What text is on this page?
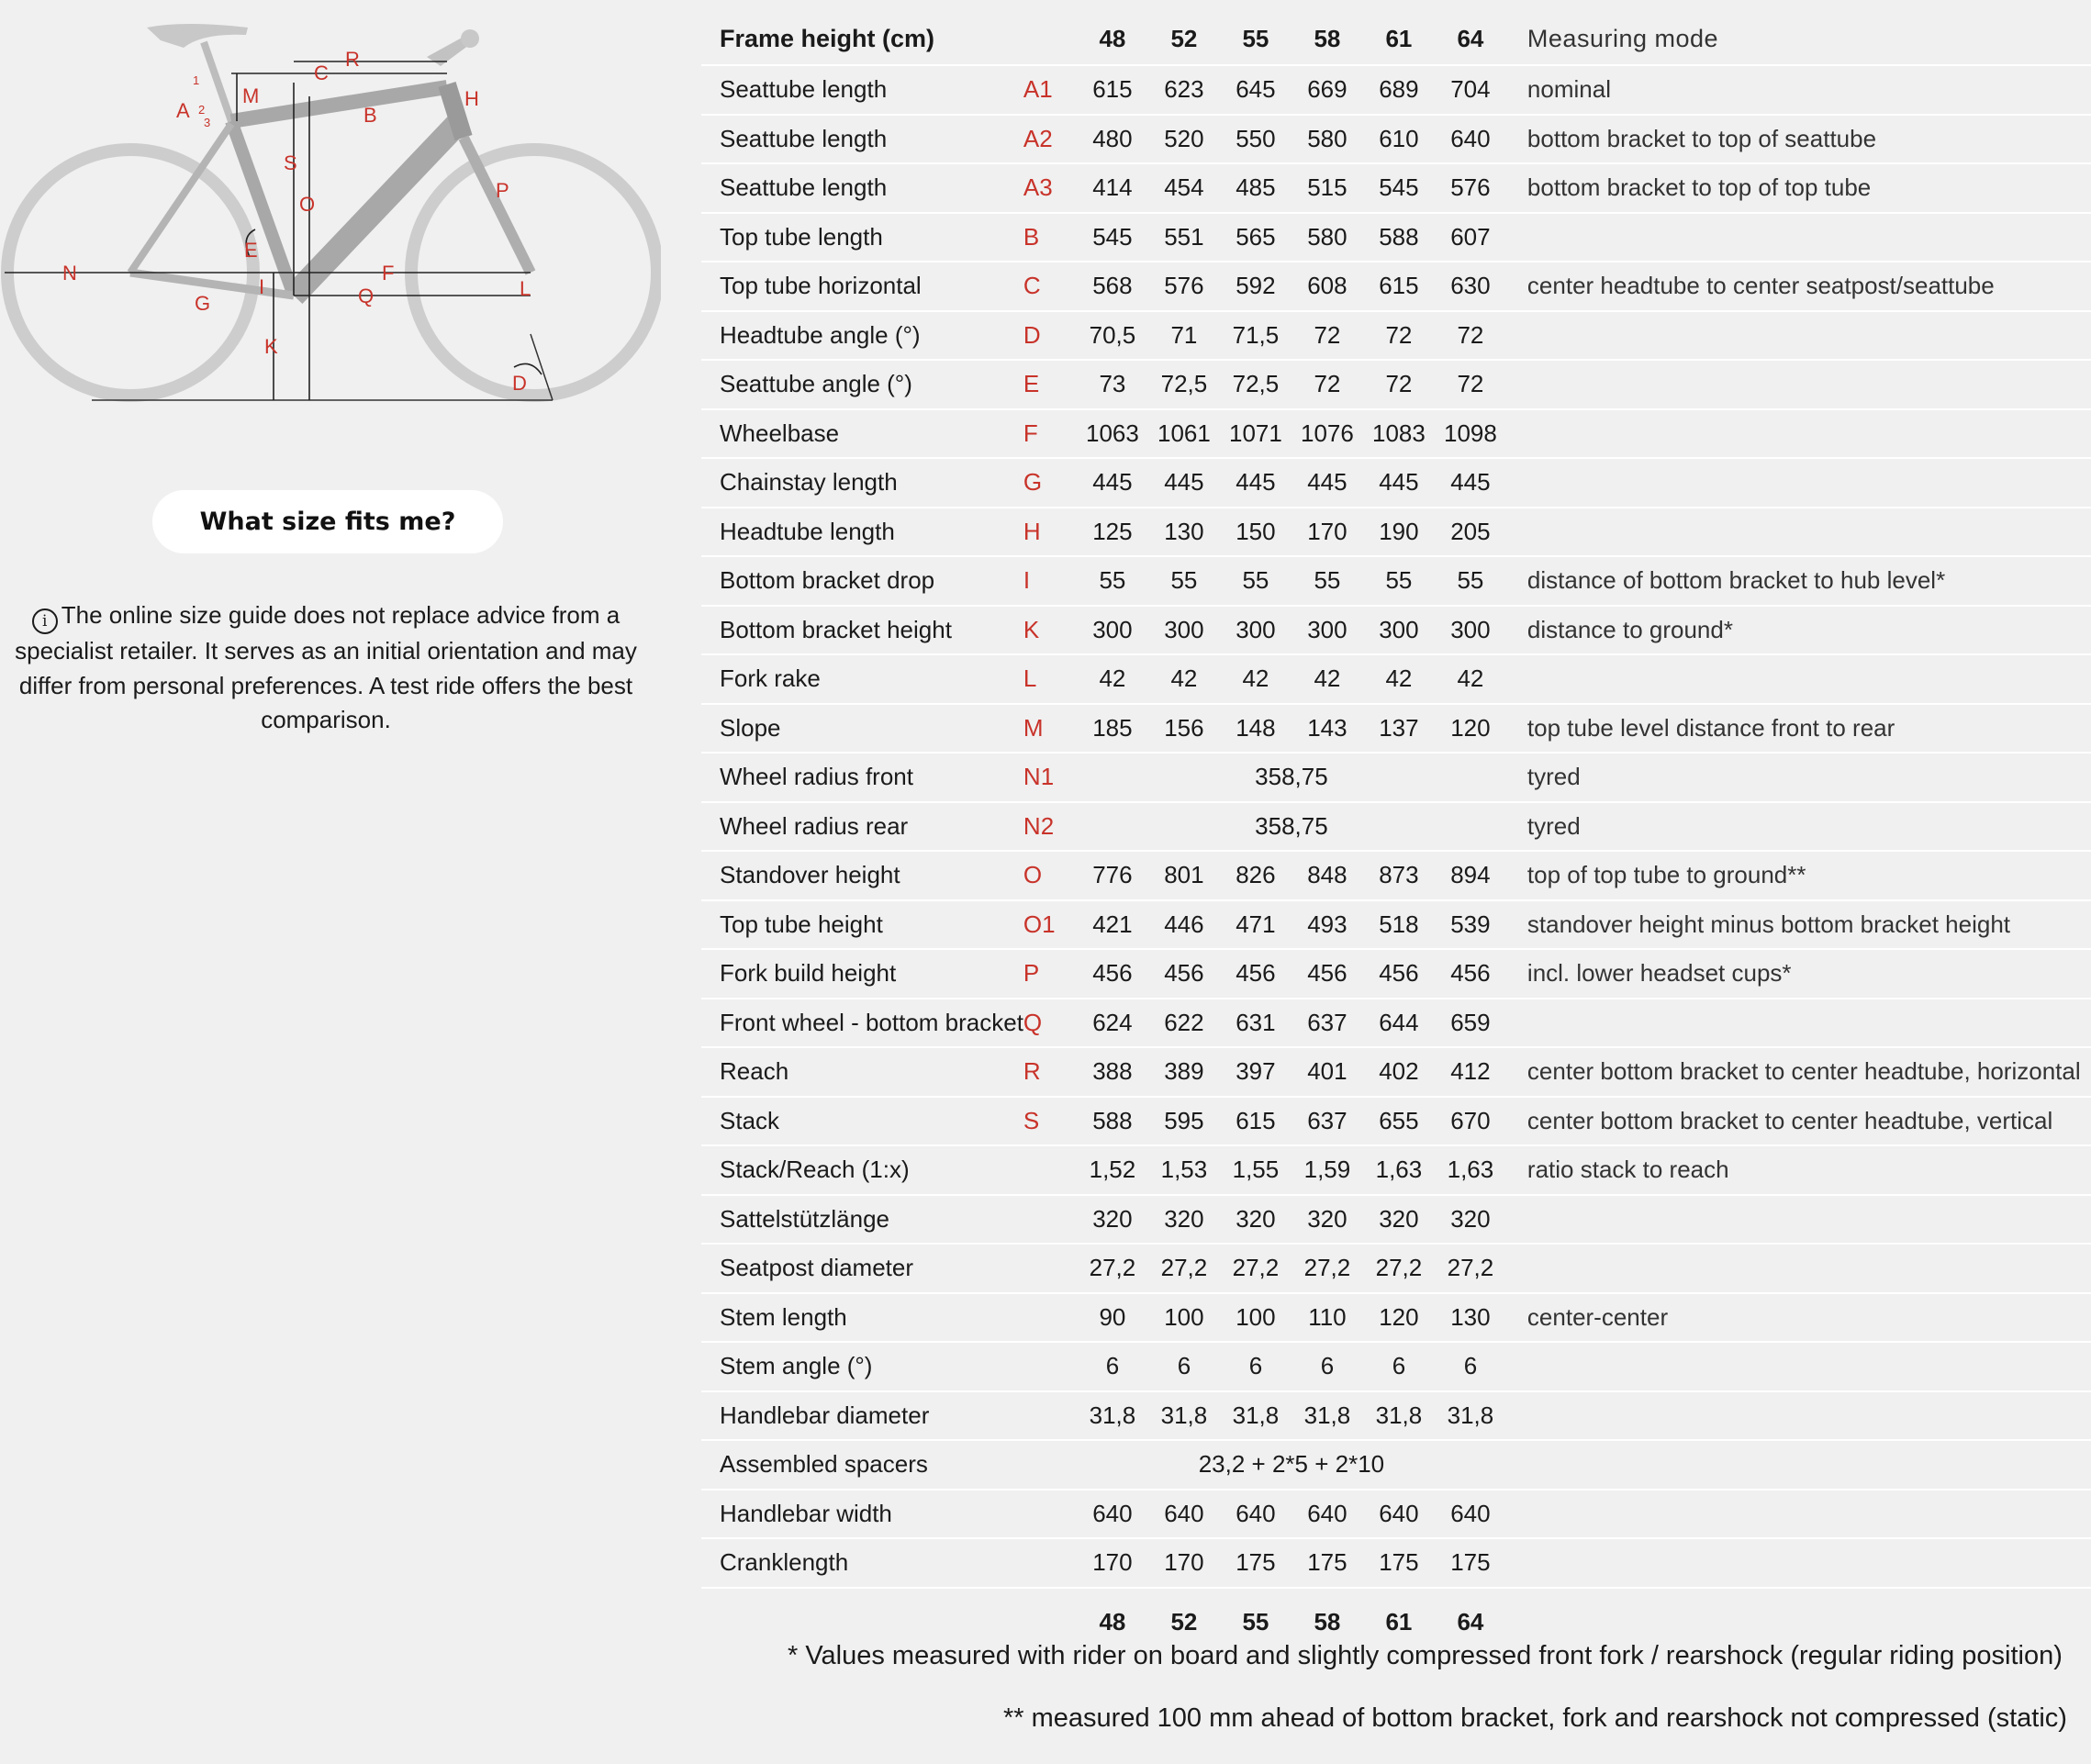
A
M
C
R
H
B
S
O
P
E
N	F
G
I	Q	L
K
D
1
2
3
What size fits me?
i The online size guide does not replace advice from a specialist retailer. It serves as an initial orientation and may differ from personal preferences. A test ride offers the best comparison.
Frame height (cm)		48	52	55	58	61	64	Measuring mode
Seattube length	A1	615	623	645	669	689	704	nominal
Seattube length	A2	480	520	550	580	610	640	bottom bracket to top of seattube
Seattube length	A3	414	454	485	515	545	576	bottom bracket to top of top tube
Top tube length	B	545	551	565	580	588	607	
Top tube horizontal	C	568	576	592	608	615	630	center headtube to center seatpost/seattube
Headtube angle (°)	D	70,5	71	71,5	72	72	72	
Seattube angle (°)	E	73	72,5	72,5	72	72	72	
Wheelbase	F	1063	1061	1071	1076	1083	1098	
Chainstay length	G	445	445	445	445	445	445	
Headtube length	H	125	130	150	170	190	205	
Bottom bracket drop	I	55	55	55	55	55	55	distance of bottom bracket to hub level*
Bottom bracket height	K	300	300	300	300	300	300	distance to ground*
Fork rake	L	42	42	42	42	42	42	
Slope	M	185	156	148	143	137	120	top tube level distance front to rear
Wheel radius front	N1	358,75						tyred
Wheel radius rear	N2	358,75						tyred
Standover height	O	776	801	826	848	873	894	top of top tube to ground**
Top tube height	O1	421	446	471	493	518	539	standover height minus bottom bracket height
Fork build height	P	456	456	456	456	456	456	incl. lower headset cups*
Front wheel - bottom bracket	Q	624	622	631	637	644	659	
Reach	R	388	389	397	401	402	412	center bottom bracket to center headtube, horizontal
Stack	S	588	595	615	637	655	670	center bottom bracket to center headtube, vertical
Stack/Reach (1:x)		1,52	1,53	1,55	1,59	1,63	1,63	ratio stack to reach
Sattelstützlänge		320	320	320	320	320	320	
Seatpost diameter		27,2	27,2	27,2	27,2	27,2	27,2	
Stem length		90	100	100	110	120	130	center-center
Stem angle (°)		6	6	6	6	6	6	
Handlebar diameter		31,8	31,8	31,8	31,8	31,8	31,8	
Assembled spacers		23,2 + 2*5 + 2*10						
Handlebar width		640	640	640	640	640	640	
Cranklength		170	170	175	175	175	175	
		48	52	55	58	61	64	
* Values measured with rider on board and slightly compressed front fork / rearshock (regular riding position)
** measured 100 mm ahead of bottom bracket, fork and rearshock not compressed (static)
